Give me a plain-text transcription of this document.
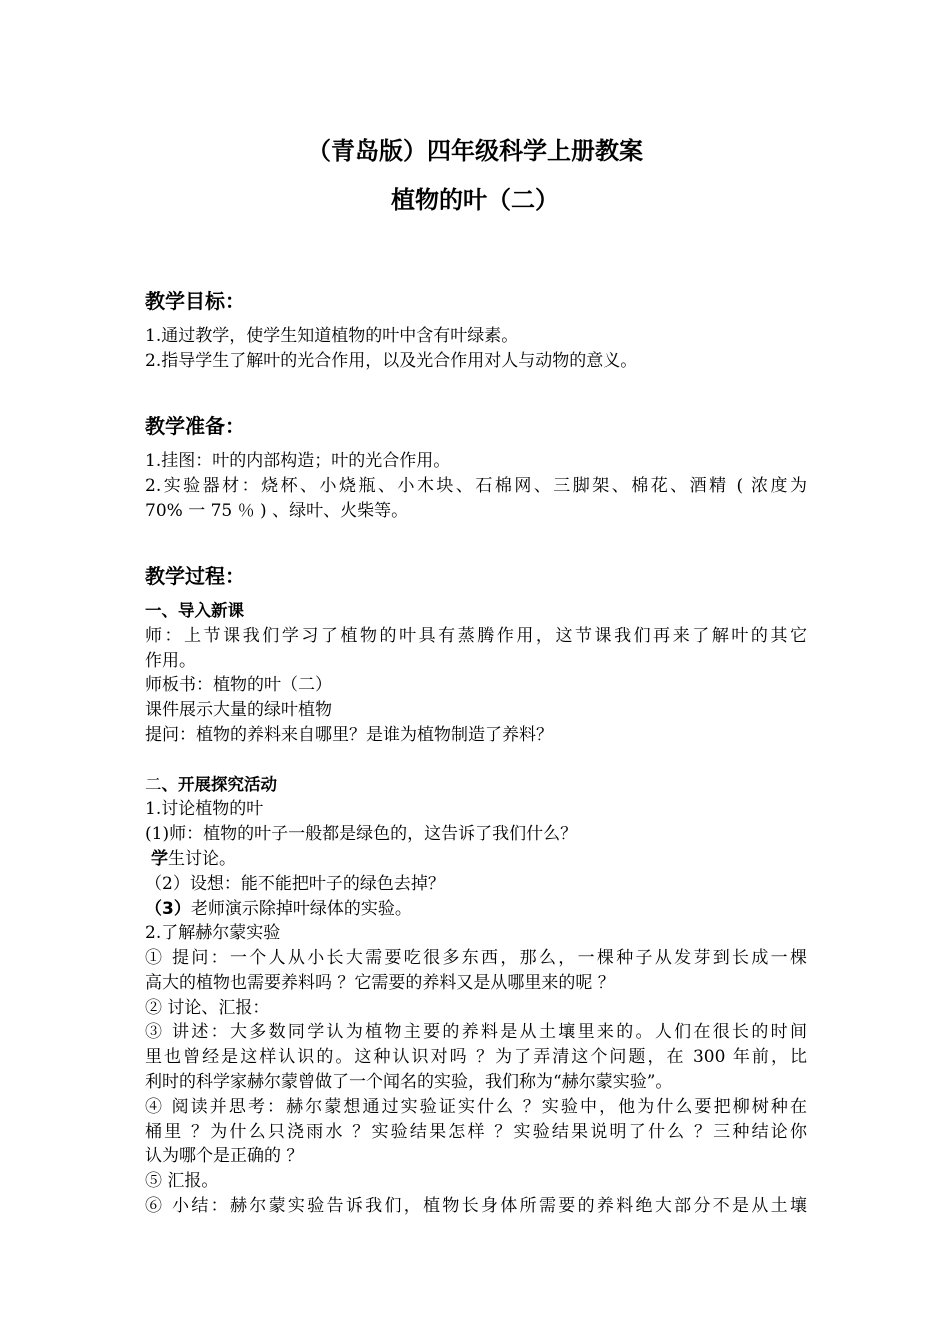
（青岛版）四年级科学上册教案
植物的叶（二）
教学目标：
1.通过教学，使学生知道植物的叶中含有叶绿素。
2.指导学生了解叶的光合作用，以及光合作用对人与动物的意义。
教学准备：
1.挂图：叶的内部构造；叶的光合作用。
2.实验器材：烧杯、小烧瓶、小木块、石棉网、三脚架、棉花、酒精 ( 浓度为
70% 一 75 ％ ) 、绿叶、火柴等。
教学过程：
一、导入新课
师：上节课我们学习了植物的叶具有蒸腾作用，这节课我们再来了解叶的其它
作用。
师板书：植物的叶（二）
课件展示大量的绿叶植物
提问：植物的养料来自哪里？是谁为植物制造了养料？
二、开展探究活动
1.讨论植物的叶
(1)师：植物的叶子一般都是绿色的，这告诉了我们什么？
学生讨论。
（2）设想：能不能把叶子的绿色去掉？
（3）老师演示除掉叶绿体的实验。
2.了解赫尔蒙实验
① 提问：一个人从小长大需要吃很多东西，那么，一棵种子从发芽到长成一棵
高大的植物也需要养料吗 ？它需要的养料又是从哪里来的呢 ？
② 讨论、汇报：
③ 讲述：大多数同学认为植物主要的养料是从土壤里来的。人们在很长的时间
里也曾经是这样认识的。这种认识对吗 ？为了弄清这个问题，在 300 年前，比
利时的科学家赫尔蒙曾做了一个闻名的实验，我们称为“赫尔蒙实验”。
④ 阅读并思考：赫尔蒙想通过实验证实什么 ？实验中，他为什么要把柳树种在
桶里 ？为什么只浇雨水 ？实验结果怎样 ？实验结果说明了什么 ？三种结论你
认为哪个是正确的 ？
⑤ 汇报。
⑥ 小结：赫尔蒙实验告诉我们，植物长身体所需要的养料绝大部分不是从土壤
